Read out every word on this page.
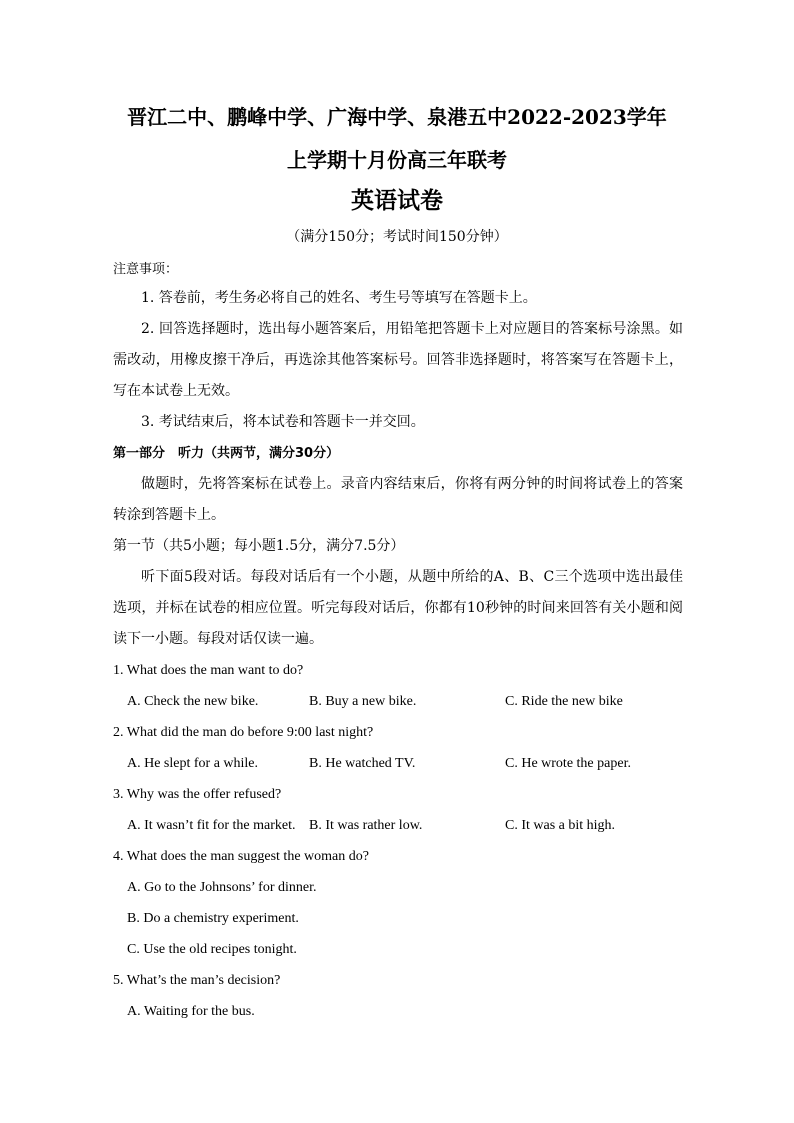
晋江二中、鹏峰中学、广海中学、泉港五中2022-2023学年
上学期十月份高三年联考
英语试卷
（满分150分；考试时间150分钟）

注意事项：

1. 答卷前，考生务必将自己的姓名、考生号等填写在答题卡上。

2. 回答选择题时，选出每小题答案后，用铅笔把答题卡上对应题目的答案标号涂黑。如需改动，用橡皮擦干净后，再选涂其他答案标号。回答非选择题时，将答案写在答题卡上，写在本试卷上无效。

3. 考试结束后，将本试卷和答题卡一并交回。

第一部分　听力（共两节，满分30分）

做题时，先将答案标在试卷上。录音内容结束后，你将有两分钟的时间将试卷上的答案转涂到答题卡上。

第一节（共5小题；每小题1.5分，满分7.5分）

听下面5段对话。每段对话后有一个小题，从题中所给的A、B、C三个选项中选出最佳选项，并标在试卷的相应位置。听完每段对话后，你都有10秒钟的时间来回答有关小题和阅读下一小题。每段对话仅读一遍。

1. What does the man want to do?

A. Check the new bike.	B. Buy a new bike.	C. Ride the new bike

2. What did the man do before 9:00 last night?

A. He slept for a while.	B. He watched TV.	C. He wrote the paper.

3. Why was the offer refused?

A. It wasn’t fit for the market. B. It was rather low.	C. It was a bit high.

4. What does the man suggest the woman do?

A. Go to the Johnsons’ for dinner.

B. Do a chemistry experiment.

C. Use the old recipes tonight.

5. What’s the man’s decision?

A. Waiting for the bus.
